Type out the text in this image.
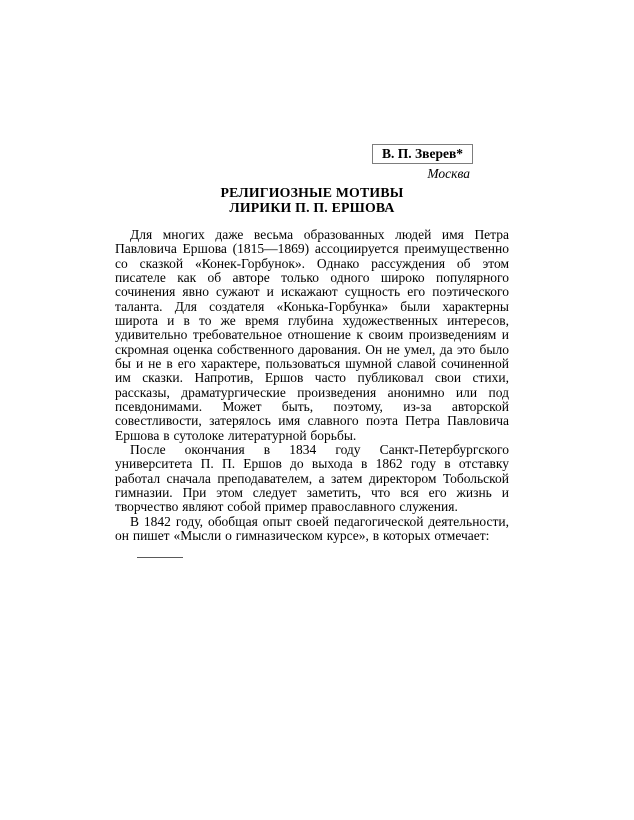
В. П. Зверев*
Москва
РЕЛИГИОЗНЫЕ МОТИВЫ
ЛИРИКИ П. П. ЕРШОВА

Для многих даже весьма образованных людей имя Петра Павловича Ершова (1815—1869) ассоциируется преимущественно со сказкой «Конек-Горбунок». Однако рассуждения об этом писателе как об авторе только одного широко популярного сочинения явно сужают и искажают сущность его поэтического таланта. Для создателя «Конька-Горбунка» были характерны широта и в то же время глубина художественных интересов, удивительно требовательное отношение к своим произведениям и скромная оценка собственного дарования. Он не умел, да это было бы и не в его характере, пользоваться шумной славой сочиненной им сказки. Напротив, Ершов часто публиковал свои стихи, рассказы, драматургические произведения анонимно или под псевдонимами. Может быть, поэтому, из-за авторской совестливости, затерялось имя славного поэта Петра Павловича Ершова в сутолоке литературной борьбы.

После окончания в 1834 году Санкт-Петербургского университета П. П. Ершов до выхода в 1862 году в отставку работал сначала преподавателем, а затем директором Тобольской гимназии. При этом следует заметить, что вся его жизнь и творчество являют собой пример православного служения.

В 1842 году, обобщая опыт своей педагогической деятельности, он пишет «Мысли о гимназическом курсе», в которых отмечает:
